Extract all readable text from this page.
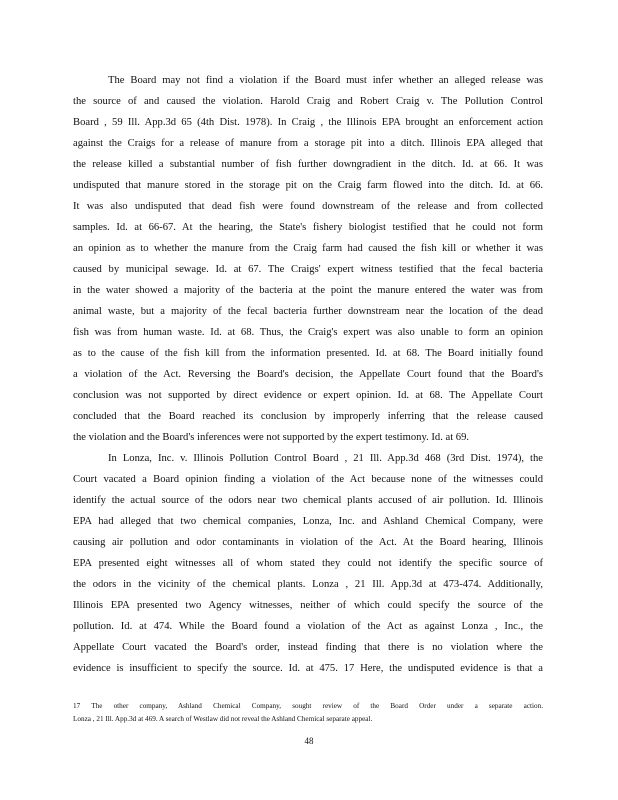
The Board may not find a violation if the Board must infer whether an alleged release was
the source of and caused the violation. Harold Craig and Robert Craig v. The Pollution Control
Board , 59 Ill. App.3d 65 (4th Dist. 1978). In Craig , the Illinois EPA brought an enforcement action
against the Craigs for a release of manure from a storage pit into a ditch. Illinois EPA alleged that
the release killed a substantial number of fish further downgradient in the ditch. Id. at 66. It was
undisputed that manure stored in the storage pit on the Craig farm flowed into the ditch. Id. at 66.
It was also undisputed that dead fish were found downstream of the release and from collected
samples. Id. at 66-67. At the hearing, the State's fishery biologist testified that he could not form
an opinion as to whether the manure from the Craig farm had caused the fish kill or whether it was
caused by municipal sewage. Id. at 67. The Craigs' expert witness testified that the fecal bacteria
in the water showed a majority of the bacteria at the point the manure entered the water was from
animal waste, but a majority of the fecal bacteria further downstream near the location of the dead
fish was from human waste. Id. at 68. Thus, the Craig's expert was also unable to form an opinion
as to the cause of the fish kill from the information presented. Id. at 68. The Board initially found
a violation of the Act. Reversing the Board's decision, the Appellate Court found that the Board's
conclusion was not supported by direct evidence or expert opinion. Id. at 68. The Appellate Court
concluded that the Board reached its conclusion by improperly inferring that the release caused
the violation and the Board's inferences were not supported by the expert testimony. Id. at 69.
In Lonza, Inc. v. Illinois Pollution Control Board , 21 Ill. App.3d 468 (3rd Dist. 1974), the
Court vacated a Board opinion finding a violation of the Act because none of the witnesses could
identify the actual source of the odors near two chemical plants accused of air pollution. Id. Illinois
EPA had alleged that two chemical companies, Lonza, Inc. and Ashland Chemical Company, were
causing air pollution and odor contaminants in violation of the Act. At the Board hearing, Illinois
EPA presented eight witnesses all of whom stated they could not identify the specific source of
the odors in the vicinity of the chemical plants. Lonza , 21 Ill. App.3d at 473-474. Additionally,
Illinois EPA presented two Agency witnesses, neither of which could specify the source of the
pollution. Id. at 474. While the Board found a violation of the Act as against Lonza , Inc., the
Appellate Court vacated the Board's order, instead finding that there is no violation where the
evidence is insufficient to specify the source. Id. at 475. 17 Here, the undisputed evidence is that a
17 The other company, Ashland Chemical Company, sought review of the Board Order under a separate action.
Lonza , 21 Ill. App.3d at 469. A search of Westlaw did not reveal the Ashland Chemical separate appeal.
48
